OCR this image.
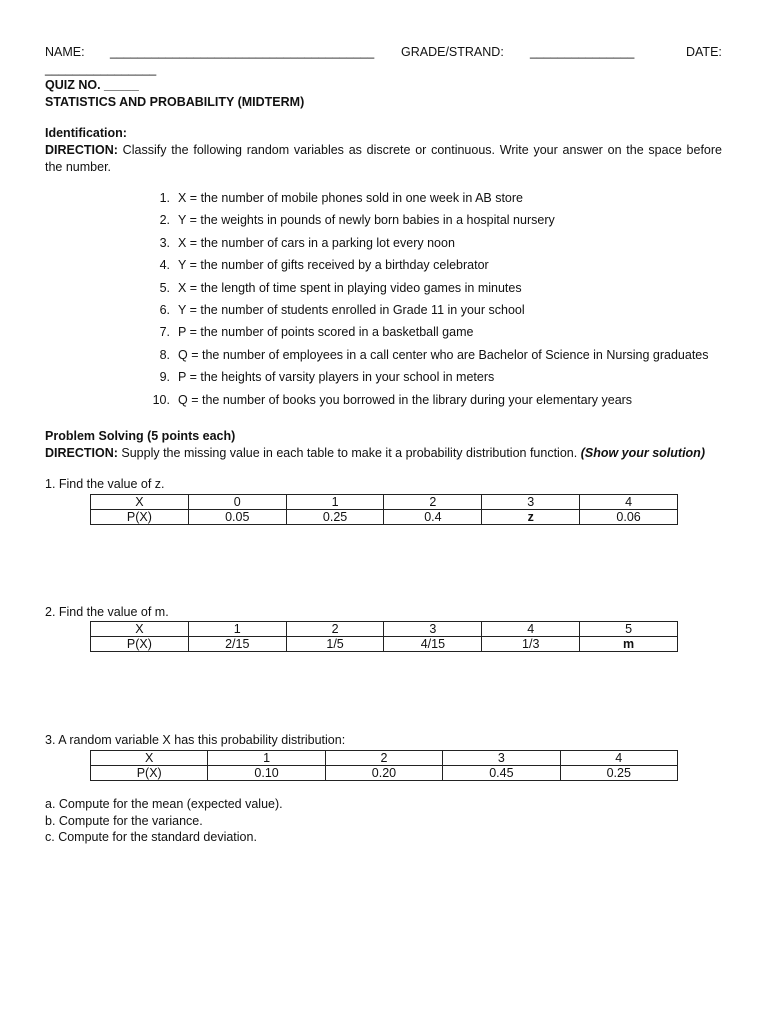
NAME: ______________________________________ GRADE/STRAND: _______________	DATE:
________________
QUIZ NO. _____
STATISTICS AND PROBABILITY (MIDTERM)
Identification:
DIRECTION: Classify the following random variables as discrete or continuous. Write your answer on the space before the number.
1. X = the number of mobile phones sold in one week in AB store
2. Y = the weights in pounds of newly born babies in a hospital nursery
3. X = the number of cars in a parking lot every noon
4. Y = the number of gifts received by a birthday celebrator
5. X = the length of time spent in playing video games in minutes
6. Y = the number of students enrolled in Grade 11 in your school
7. P = the number of points scored in a basketball game
8. Q = the number of employees in a call center who are Bachelor of Science in Nursing graduates
9. P = the heights of varsity players in your school in meters
10. Q = the number of books you borrowed in the library during your elementary years
Problem Solving (5 points each)
DIRECTION: Supply the missing value in each table to make it a probability distribution function. (Show your solution)
1. Find the value of z.
X	0	1	2	3	4
P(X)	0.05	0.25	0.4	z	0.06
2. Find the value of m.
X	1	2	3	4	5
P(X)	2/15	1/5	4/15	1/3	m
3. A random variable X has this probability distribution:
X	1	2	3	4
P(X)	0.10	0.20	0.45	0.25
a. Compute for the mean (expected value).
b. Compute for the variance.
c. Compute for the standard deviation.
